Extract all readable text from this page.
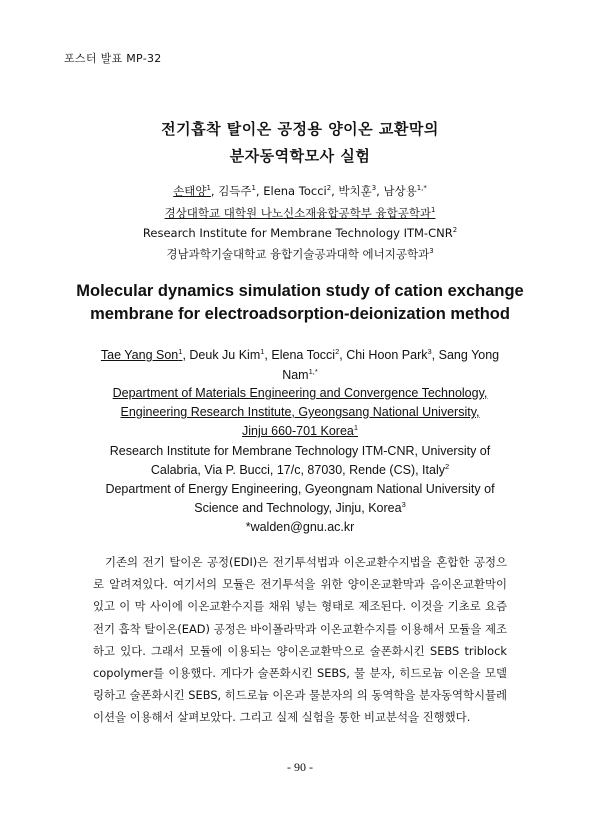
포스터 발표 MP-32
전기흡착 탈이온 공정용 양이온 교환막의
분자동역학모사 실험
손태양$^1$, 김득주$^1$, Elena Tocci$^2$, 박치훈$^3$, 남상용$^{1,*}$
경상대학교 대학원 나노신소재융합공학부 융합공학과$^1$
Research Institute for Membrane Technology ITM-CNR$^2$
경남과학기술대학교 융합기술공과대학 에너지공학과$^3$
Molecular dynamics simulation study of cation exchange
membrane for electroadsorption-deionization method
Tae Yang Son$^1$, Deuk Ju Kim$^1$, Elena Tocci$^2$, Chi Hoon Park$^3$, Sang Yong
Nam$^{1,*}$
Department of Materials Engineering and Convergence Technology,
Engineering Research Institute, Gyeongsang National University,
Jinju 660-701 Korea$^1$
Research Institute for Membrane Technology ITM-CNR, University of
Calabria, Via P. Bucci, 17/c, 87030, Rende (CS), Italy$^2$
Department of Energy Engineering, Gyeongnam National University of
Science and Technology, Jinju, Korea$^3$
*walden@gnu.ac.kr

기존의 전기 탈이온 공정(EDI)은 전기투석법과 이온교환수지법을 혼합한 공정으로 알려져있다. 여기서의 모듈은 전기투석을 위한 양이온교환막과 음이온교환막이 있고 이 막 사이에 이온교환수지를 채워 넣는 형태로 제조된다. 이것을 기초로 요즘 전기 흡착 탈이온(EAD) 공정은 바이폴라막과 이온교환수지를 이용해서 모듈을 제조하고 있다. 그래서 모듈에 이용되는 양이온교환막으로 술폰화시킨 SEBS triblock copolymer를 이용했다. 게다가 술폰화시킨 SEBS, 물 분자, 히드로늄 이온을 모델링하고 술폰화시킨 SEBS, 히드로늄 이온과 물분자의 의 동역학을 분자동역학시뮬레이션을 이용해서 살펴보았다. 그리고 실제 실험을 통한 비교분석을 진행했다.

- 90 -
